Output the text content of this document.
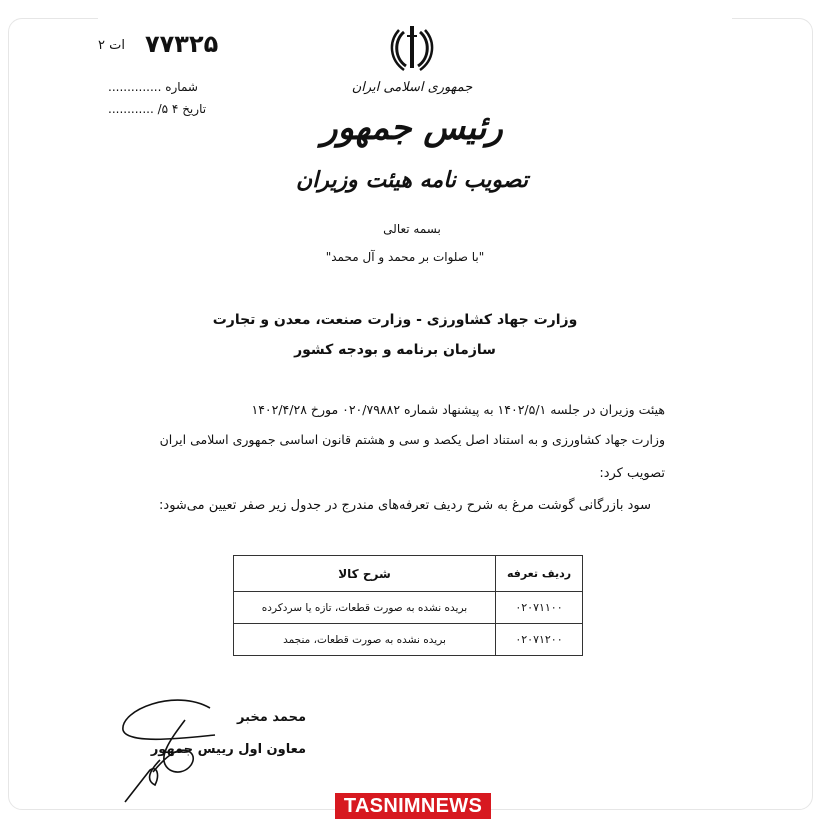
۷۷۳۲۵
ات ۲
شماره ..............
تاریخ ۴ ۵/ ............
جمهوری اسلامی ایران
رئیس جمهور
تصویب نامه هیئت وزیران
بسمه تعالی
"با صلوات بر محمد و آل محمد"
وزارت جهاد کشاورزی - وزارت صنعت، معدن و تجارت
سازمان برنامه و بودجه کشور
هیئت وزیران در جلسه ۱۴۰۲/۵/۱ به پیشنهاد شماره ۰۲۰/۷۹۸۸۲ مورخ ۱۴۰۲/۴/۲۸
وزارت جهاد کشاورزی و به استناد اصل یکصد و سی و هشتم قانون اساسی جمهوری اسلامی ایران
تصویب کرد:
سود بازرگانی گوشت مرغ به شرح ردیف تعرفه‌های مندرج در جدول زیر صفر تعیین می‌شود:
ردیف تعرفه	شرح کالا
۰۲۰۷۱۱۰۰	بریده نشده به صورت قطعات، تازه یا سردکرده
۰۲۰۷۱۲۰۰	بریده نشده به صورت قطعات، منجمد
محمد مخبر
معاون اول رییس جمهور
TASNIMNEWS
